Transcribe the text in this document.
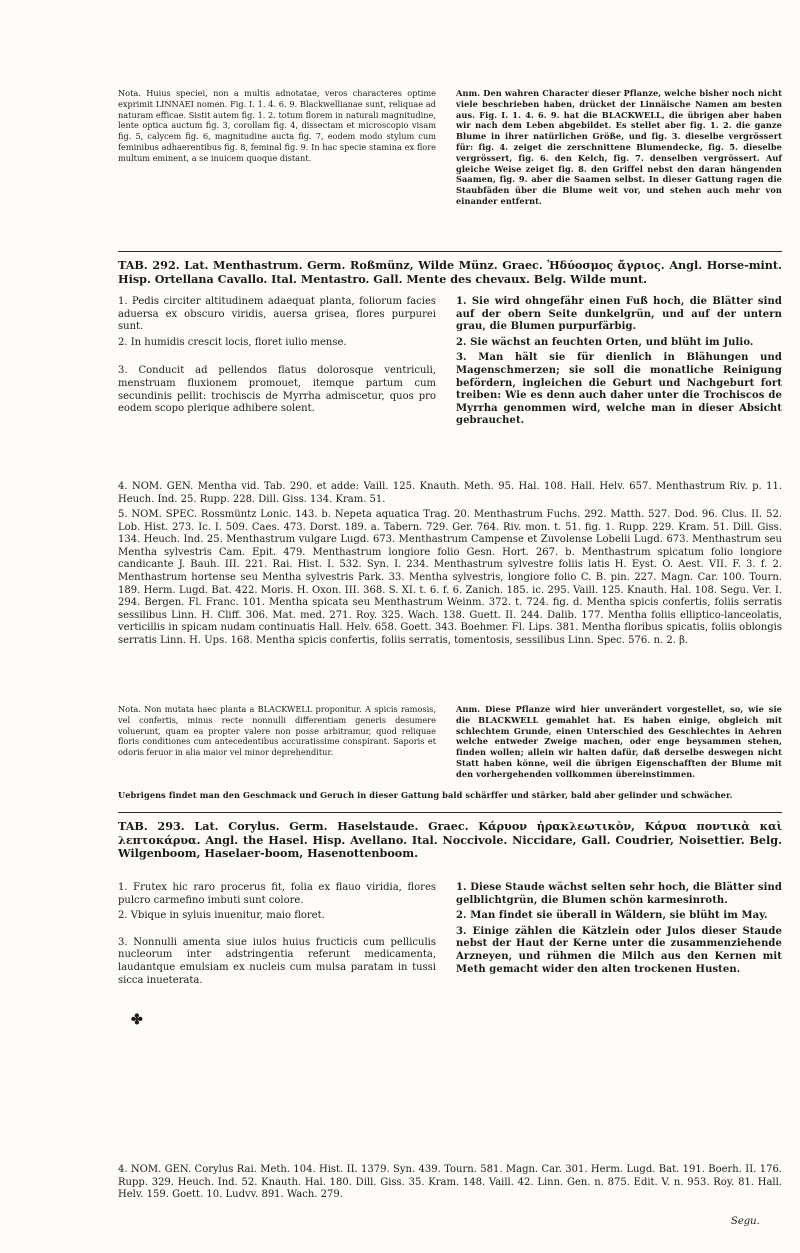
Nota. Huius speciei, non a multis adnotatae, veros characteres optime exprimit LINNAEI nomen. Fig. I. 1. 4. 6. 9. Blackwellianae sunt, reliquae ad naturam efficae. Sistit autem fig. 1. 2. totum florem in naturali magnitudine, lente optica auctum fig. 3, corollam fig. 4, dissectam et microscopio visam fig. 5, calycem fig. 6, magnitudine aucta fig. 7, eodem modo stylum cum feminibus adhaerentibus fig. 8, feminal fig. 9. In hac specie stamina ex flore multum eminent, a se inuicem quoque distant.

Anm. Den wahren Character dieser Pflanze, welche bisher noch nicht viele beschrieben haben, drücket der Linnäische Namen am besten aus. Fig. I. 1. 4. 6. 9. hat die BLACKWELL, die übrigen aber haben wir nach dem Leben abgebildet. Es stellet aber fig. 1. 2. die ganze Blume in ihrer natürlichen Größe, und fig. 3. dieselbe vergrössert für: fig. 4. zeiget die zerschnittene Blumendecke, fig. 5. dieselbe vergrössert, fig. 6. den Kelch, fig. 7. denselben vergrössert. Auf gleiche Weise zeiget fig. 8. den Griffel nebst den daran hängenden Saamen, fig. 9. aber die Saamen selbst. In dieser Gattung ragen die Staubfäden über die Blume weit vor, und stehen auch mehr von einander entfernt.

TAB. 292. Lat. Menthastrum. Germ. Roßmünz, Wilde Münz. Graec. Ἡδύοσμος ἄγριος. Angl. Horse-mint. Hisp. Ortellana Cavallo. Ital. Mentastro. Gall. Mente des chevaux. Belg. Wilde munt.

1. Pedis circiter altitudinem adaequat planta, foliorum facies aduersa ex obscuro viridis, auersa grisea, flores purpurei sunt.

2. In humidis crescit locis, floret iulio mense.

3. Conducit ad pellendos flatus dolorosque ventriculi, menstruam fluxionem promouet, itemque partum cum secundinis pellit: trochiscis de Myrrha admiscetur, quos pro eodem scopo plerique adhibere solent.

1. Sie wird ohngefähr einen Fuß hoch, die Blätter sind auf der obern Seite dunkelgrün, und auf der untern grau, die Blumen purpurfärbig.

2. Sie wächst an feuchten Orten, und blüht im Julio.

3. Man hält sie für dienlich in Blähungen und Magenschmerzen; sie soll die monatliche Reinigung befördern, ingleichen die Geburt und Nachgeburt fort treiben: Wie es denn auch daher unter die Trochiscos de Myrrha genommen wird, welche man in dieser Absicht gebrauchet.

4. NOM. GEN. Mentha vid. Tab. 290. et adde: Vaill. 125. Knauth. Meth. 95. Hal. 108. Hall. Helv. 657. Menthastrum Riv. p. 11. Heuch. Ind. 25. Rupp. 228. Dill. Giss. 134. Kram. 51.

5. NOM. SPEC. Rossmüntz Lonic. 143. b. Nepeta aquatica Trag. 20. Menthastrum Fuchs. 292. Matth. 527. Dod. 96. Clus. II. 52. Lob. Hist. 273. Ic. I. 509. Caes. 473. Dorst. 189. a. Tabern. 729. Ger. 764. Riv. mon. t. 51. fig. 1. Rupp. 229. Kram. 51. Dill. Giss. 134. Heuch. Ind. 25. Menthastrum vulgare Lugd. 673. Menthastrum Campense et Zuvolense Lobelii Lugd. 673. Menthastrum seu Mentha sylvestris Cam. Epit. 479. Menthastrum longiore folio Gesn. Hort. 267. b. Menthastrum spicatum folio longiore candicante J. Bauh. III. 221. Rai. Hist. I. 532. Syn. I. 234. Menthastrum sylvestre foliis latis H. Eyst. O. Aest. VII. F. 3. f. 2. Menthastrum hortense seu Mentha sylvestris Park. 33. Mentha sylvestris, longiore folio C. B. pin. 227. Magn. Car. 100. Tourn. 189. Herm. Lugd. Bat. 422. Moris. H. Oxon. III. 368. S. XI. t. 6. f. 6. Zanich. 185. ic. 295. Vaill. 125. Knauth. Hal. 108. Segu. Ver. I. 294. Bergen. Fl. Franc. 101. Mentha spicata seu Menthastrum Weinm. 372. t. 724. fig. d. Mentha spicis confertis, foliis serratis sessilibus Linn. H. Cliff. 306. Mat. med. 271. Roy. 325. Wach. 138. Guett. II. 244. Dalib. 177. Mentha foliis elliptico-lanceolatis, verticillis in spicam nudam continuatis Hall. Helv. 658. Goett. 343. Boehmer. Fl. Lips. 381. Mentha floribus spicatis, foliis oblongis serratis Linn. H. Ups. 168. Mentha spicis confertis, foliis serratis, tomentosis, sessilibus Linn. Spec. 576. n. 2. β.

Nota. Non mutata haec planta a BLACKWELL proponitur. A spicis ramosis, vel confertis, minus recte nonnulli differentiam generis desumere voluerunt, quam ea propter valere non posse arbitramur, quod reliquae floris conditiones cum antecedentibus accuratissime conspirant. Saporis et odoris feruor in alia maior vel minor deprehenditur.

Anm. Diese Pflanze wird hier unverändert vorgestellet, so, wie sie die BLACKWELL gemahlet hat. Es haben einige, obgleich mit schlechtem Grunde, einen Unterschied des Geschlechtes in Aehren welche entweder Zweige machen, oder enge beysammen stehen, finden wollen; allein wir halten dafür, daß derselbe deswegen nicht Statt haben könne, weil die übrigen Eigenschafften der Blume mit den vorhergehenden vollkommen übereinstimmen.

Uebrigens findet man den Geschmack und Geruch in dieser Gattung bald schärffer und stärker, bald aber gelinder und schwächer.

TAB. 293. Lat. Corylus. Germ. Haselstaude. Graec. Κάρυον ἡρακλεωτικὸν, Κάρυα ποντικὰ καὶ λεπτοκάρυα. Angl. the Hasel. Hisp. Avellano. Ital. Noccivole. Niccidare, Gall. Coudrier, Noisettier. Belg. Wilgenboom, Haselaer-boom, Hasenottenboom.

✤

1. Frutex hic raro procerus fit, folia ex flauo viridia, flores pulcro carmefino imbuti sunt colore.

2. Vbique in syluis inuenitur, maio floret.

3. Nonnulli amenta siue iulos huius fructicis cum pelliculis nucleorum inter adstringentia referunt medicamenta, laudantque emulsiam ex nucleis cum mulsa paratam in tussi sicca inueterata.

1. Diese Staude wächst selten sehr hoch, die Blätter sind gelblichtgrün, die Blumen schön karmesinroth.

2. Man findet sie überall in Wäldern, sie blüht im May.

3. Einige zählen die Kätzlein oder Julos dieser Staude nebst der Haut der Kerne unter die zusammenziehende Arzneyen, und rühmen die Milch aus den Kernen mit Meth gemacht wider den alten trockenen Husten.

4. NOM. GEN. Corylus Rai. Meth. 104. Hist. II. 1379. Syn. 439. Tourn. 581. Magn. Car. 301. Herm. Lugd. Bat. 191. Boerh. II. 176. Rupp. 329. Heuch. Ind. 52. Knauth. Hal. 180. Dill. Giss. 35. Kram. 148. Vaill. 42. Linn. Gen. n. 875. Edit. V. n. 953. Roy. 81. Hall. Helv. 159. Goett. 10. Ludvv. 891. Wach. 279.

Segu.
